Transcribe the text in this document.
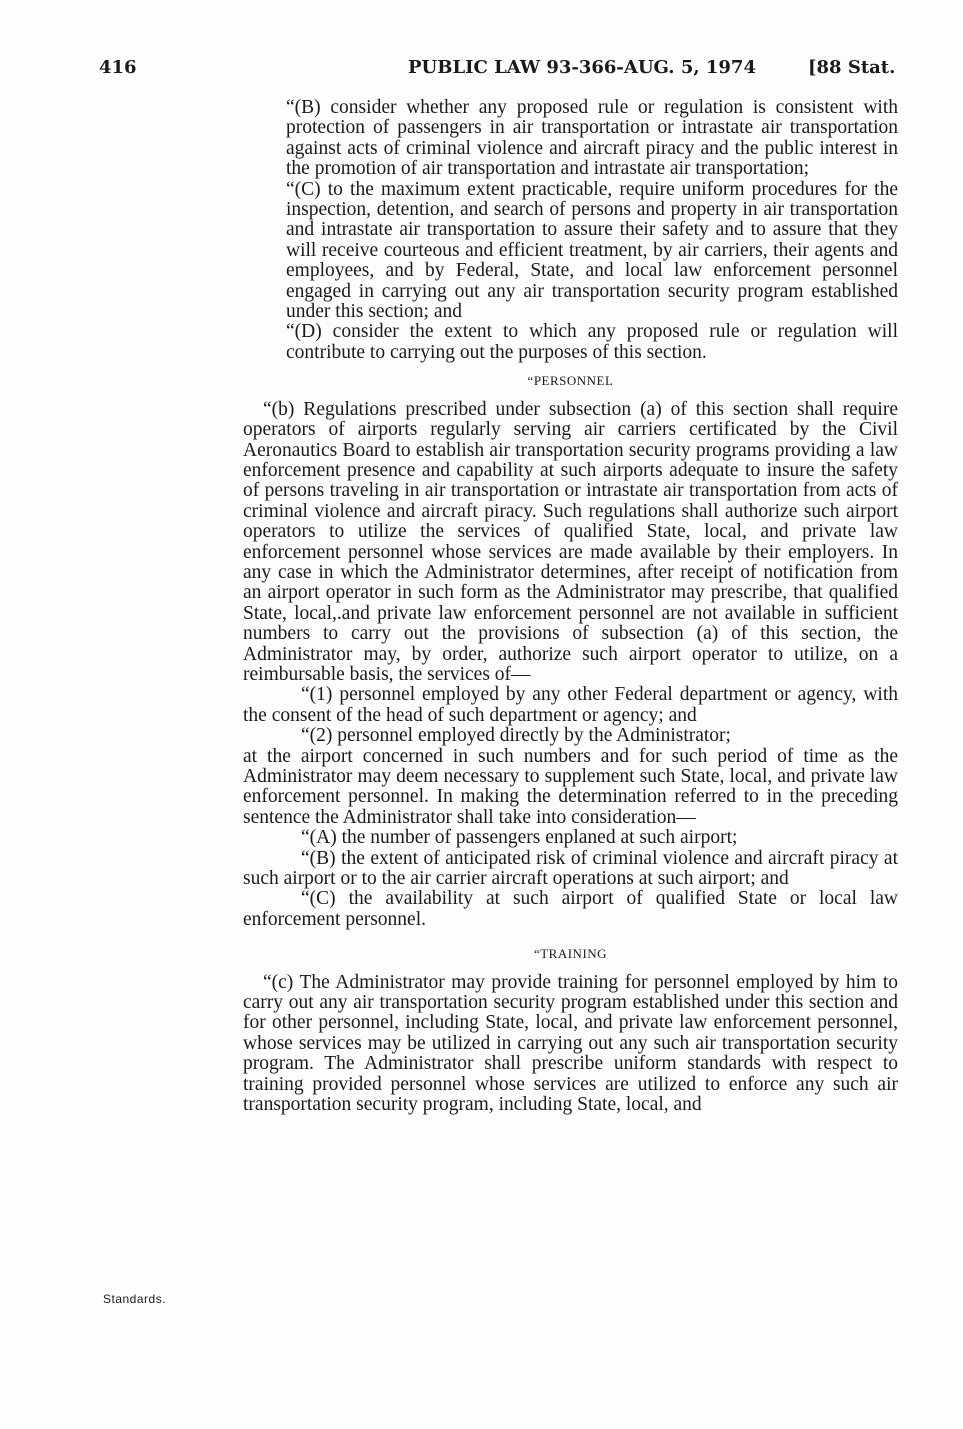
416	PUBLIC LAW 93-366-AUG. 5, 1974	[88 Stat.
Standards.

“(B) consider whether any proposed rule or regulation is consistent with protection of passengers in air transportation or intrastate air transportation against acts of criminal violence and aircraft piracy and the public interest in the promotion of air transportation and intrastate air transportation;

“(C) to the maximum extent practicable, require uniform procedures for the inspection, detention, and search of persons and property in air transportation and intrastate air transportation to assure their safety and to assure that they will receive courteous and efficient treatment, by air carriers, their agents and employees, and by Federal, State, and local law enforcement personnel engaged in carrying out any air transportation security program established under this section; and

“(D) consider the extent to which any proposed rule or regulation will contribute to carrying out the purposes of this section.

“PERSONNEL

“(b) Regulations prescribed under subsection (a) of this section shall require operators of airports regularly serving air carriers certificated by the Civil Aeronautics Board to establish air transportation security programs providing a law enforcement presence and capability at such airports adequate to insure the safety of persons traveling in air transportation or intrastate air transportation from acts of criminal violence and aircraft piracy. Such regulations shall authorize such airport operators to utilize the services of qualified State, local, and private law enforcement personnel whose services are made available by their employers. In any case in which the Administrator determines, after receipt of notification from an airport operator in such form as the Administrator may prescribe, that qualified State, local,.and private law enforcement personnel are not available in sufficient numbers to carry out the provisions of subsection (a) of this section, the Administrator may, by order, authorize such airport operator to utilize, on a reimbursable basis, the services of—

“(1) personnel employed by any other Federal department or agency, with the consent of the head of such department or agency; and

“(2) personnel employed directly by the Administrator;

at the airport concerned in such numbers and for such period of time as the Administrator may deem necessary to supplement such State, local, and private law enforcement personnel. In making the determination referred to in the preceding sentence the Administrator shall take into consideration—

“(A) the number of passengers enplaned at such airport;

“(B) the extent of anticipated risk of criminal violence and aircraft piracy at such airport or to the air carrier aircraft operations at such airport; and

“(C) the availability at such airport of qualified State or local law enforcement personnel.

“TRAINING

“(c) The Administrator may provide training for personnel employed by him to carry out any air transportation security program established under this section and for other personnel, including State, local, and private law enforcement personnel, whose services may be utilized in carrying out any such air transportation security program. The Administrator shall prescribe uniform standards with respect to training provided personnel whose services are utilized to enforce any such air transportation security program, including State, local, and
